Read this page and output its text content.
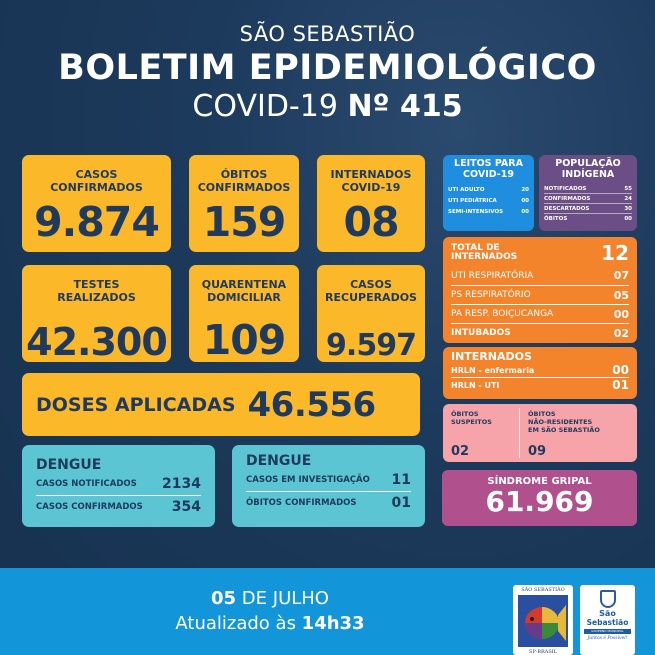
SÃO SEBASTIÃO
BOLETIM EPIDEMIOLÓGICO
COVID-19 Nº 415
CASOS
CONFIRMADOS
9.874
ÓBITOS
CONFIRMADOS
159
INTERNADOS
COVID-19
08
TESTES
REALIZADOS
42.300
QUARENTENA
DOMICILIAR
109
CASOS
RECUPERADOS
9.597
DOSES APLICADAS 46.556
DENGUE
CASOS NOTIFICADOS 2134
CASOS CONFIRMADOS 354
DENGUE
CASOS EM INVESTIGAÇÃO 11
ÓBITOS CONFIRMADOS	01
LEITOS PARA
COVID-19
UTI ADULTO	20
UTI PEDIÁTRICA	00
SEMI-INTENSIVOS	00
POPULAÇÃO
INDÍGENA
NOTIFICADOS	55
CONFIRMADOS	24
DESCARTADOS	30
ÓBITOS	00
TOTAL DE
INTERNADOS	12
UTI RESPIRATÓRIA	07
PS RESPIRATÓRIO	05
PA RESP. BOIÇUCANGA	00
INTUBADOS	02
INTERNADOS
HRLN - enfermaria	00
HRLN - UTI	01
ÓBITOS
SUSPEITOS
02
ÓBITOS
NÃO-RESIDENTES
EM SÃO SEBASTIÃO
09
SÍNDROME GRIPAL
61.969
05 DE JULHO
Atualizado às 14h33
SÃO SEBASTIÃO
SP·BRASIL
São
Sebastião
GOVERNO MUNICIPAL
Juntos é Possível!
